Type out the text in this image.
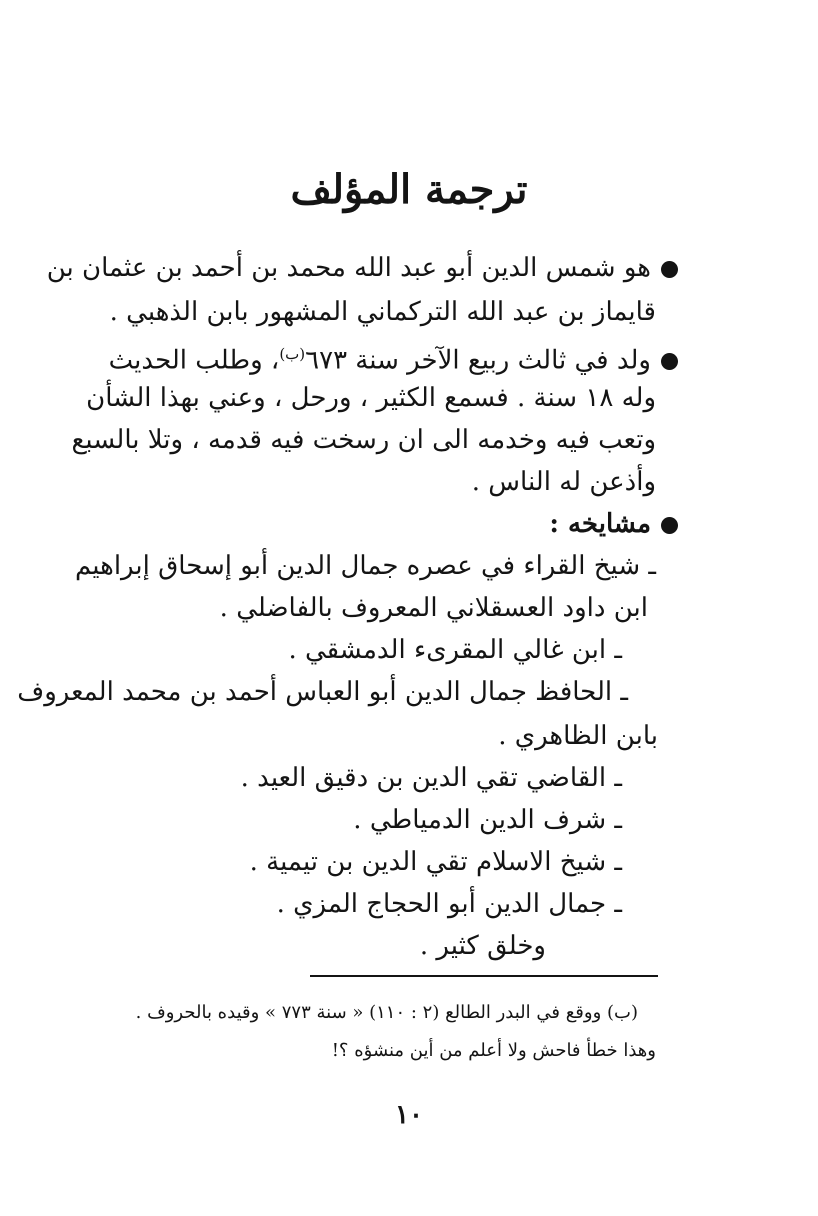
ترجمة المؤلف
هو شمس الدين أبو عبد الله محمد بن أحمد بن عثمان بن
قايماز بن عبد الله التركماني المشهور بابن الذهبي .
ولد في ثالث ربيع الآخر سنة $٦٧٣^{(ب)}،$ وطلب الحديث
وله ١٨ سنة . فسمع الكثير ، ورحل ، وعني بهذا الشأن
وتعب فيه وخدمه الى ان رسخت فيه قدمه ، وتلا بالسبع
وأذعن له الناس .
مشايخه :
ـ شيخ القراء في عصره جمال الدين أبو إسحاق إبراهيم
ابن داود العسقلاني المعروف بالفاضلي .
ـ ابن غالي المقرىء الدمشقي .
ـ الحافظ جمال الدين أبو العباس أحمد بن محمد المعروف
بابن الظاهري .
ـ القاضي تقي الدين بن دقيق العيد .
ـ شرف الدين الدمياطي .
ـ شيخ الاسلام تقي الدين بن تيمية .
ـ جمال الدين أبو الحجاج المزي .
وخلق كثير .
(ب) ووقع في البدر الطالع (٢ : ١١٠) « سنة ٧٧٣ » وقيده بالحروف .
وهذا خطأ فاحش ولا أعلم من أين منشؤه ؟!
١٠
